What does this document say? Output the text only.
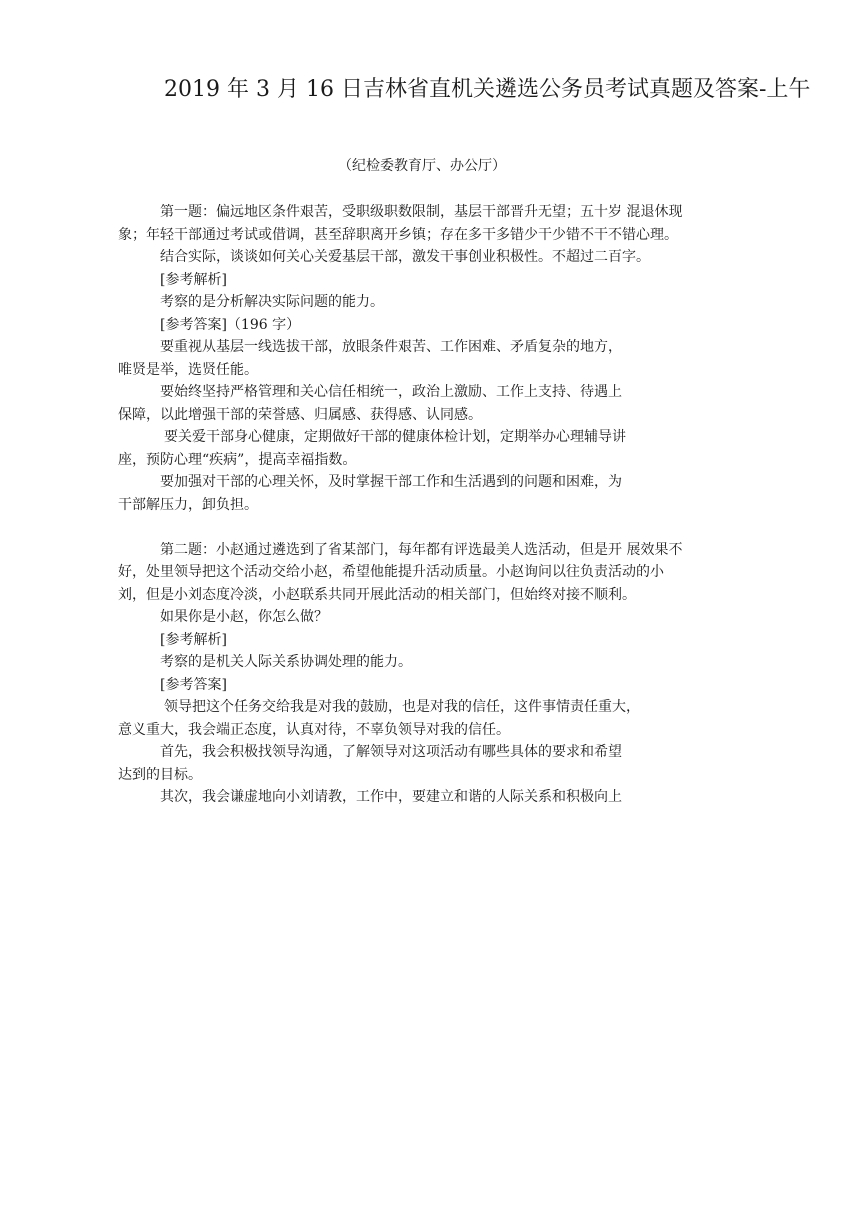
2019 年 3 月 16 日吉林省直机关遴选公务员考试真题及答案-上午

（纪检委教育厅、办公厅）

第一题：偏远地区条件艰苦，受职级职数限制，基层干部晋升无望；五十岁 混退休现

象；年轻干部通过考试或借调，甚至辞职离开乡镇；存在多干多错少干少错不干不错心理。

结合实际，谈谈如何关心关爱基层干部，激发干事创业积极性。不超过二百字。

[参考解析]

考察的是分析解决实际问题的能力。

[参考答案]（196 字）

要重视从基层一线选拔干部，放眼条件艰苦、工作困难、矛盾复杂的地方，

唯贤是举，选贤任能。

要始终坚持严格管理和关心信任相统一，政治上激励、工作上支持、待遇上

保障，以此增强干部的荣誉感、归属感、获得感、认同感。

要关爱干部身心健康，定期做好干部的健康体检计划，定期举办心理辅导讲

座，预防心理“疾病”，提高幸福指数。

要加强对干部的心理关怀，及时掌握干部工作和生活遇到的问题和困难，为

干部解压力，卸负担。

第二题：小赵通过遴选到了省某部门，每年都有评选最美人选活动，但是开 展效果不

好，处里领导把这个活动交给小赵，希望他能提升活动质量。小赵询问以往负责活动的小

刘，但是小刘态度冷淡，小赵联系共同开展此活动的相关部门，但始终对接不顺利。

如果你是小赵，你怎么做？

[参考解析]

考察的是机关人际关系协调处理的能力。

[参考答案]

领导把这个任务交给我是对我的鼓励，也是对我的信任，这件事情责任重大，

意义重大，我会端正态度，认真对待，不辜负领导对我的信任。

首先，我会积极找领导沟通，了解领导对这项活动有哪些具体的要求和希望

达到的目标。

其次，我会谦虚地向小刘请教，工作中，要建立和谐的人际关系和积极向上
